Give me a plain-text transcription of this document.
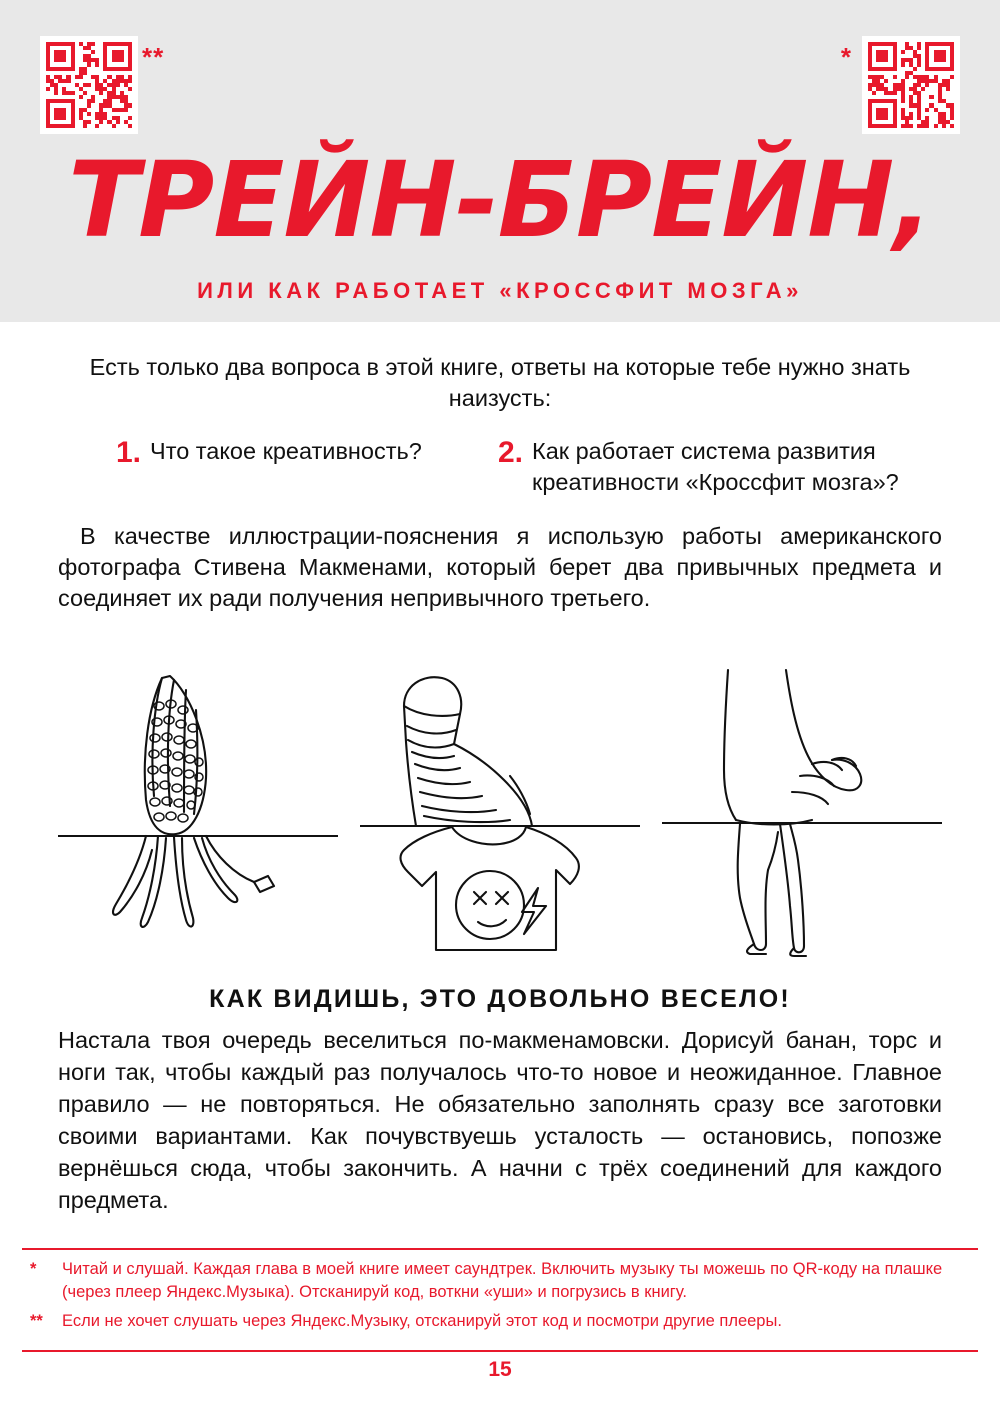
**	*
ТРЕЙН-БРЕЙН,
ИЛИ КАК РАБОТАЕТ «КРОССФИТ МОЗГА»
Есть только два вопроса в этой книге, ответы на которые тебе нужно знать наизусть:
1. Что такое креативность?	2. Как работает система развития креативности «Кроссфит мозга»?
В качестве иллюстрации-пояснения я использую работы американского фотографа Стивена Макменами, который берет два привычных предмета и соединяет их ради получения непривычного третьего.
КАК ВИДИШЬ, ЭТО ДОВОЛЬНО ВЕСЕЛО!
Настала твоя очередь веселиться по-макменамовски. Дорисуй банан, торс и ноги так, чтобы каждый раз получалось что-то новое и неожиданное. Главное правило — не повторяться. Не обязательно заполнять сразу все заготовки своими вариантами. Как почувствуешь усталость — остановись, попозже вернёшься сюда, чтобы закончить. А начни с трёх соединений для каждого предмета.
*	Читай и слушай. Каждая глава в моей книге имеет саундтрек. Включить музыку ты можешь по QR-коду на плашке (через плеер Яндекс.Музыка). Отсканируй код, воткни «уши» и погрузись в книгу.
**	Если не хочет слушать через Яндекс.Музыку, отсканируй этот код и посмотри другие плееры.
15
